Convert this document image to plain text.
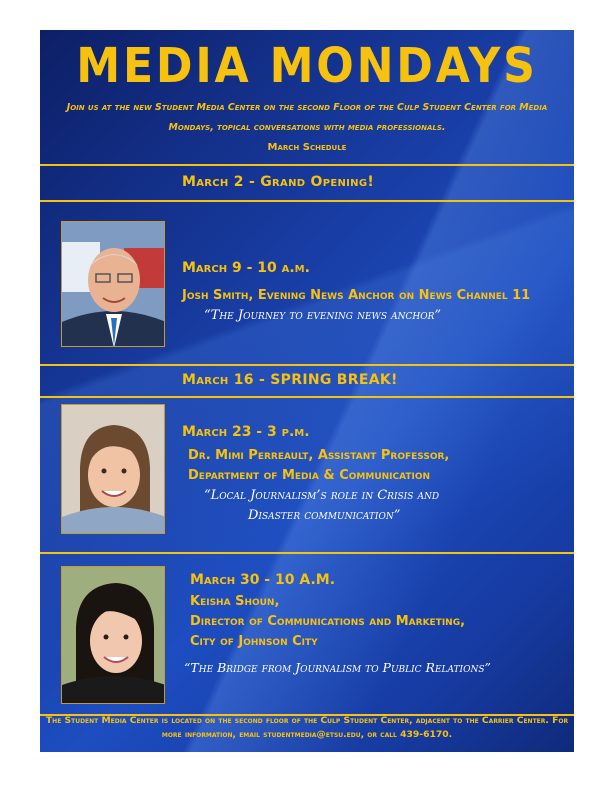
MEDIA MONDAYS
Join us at the new Student Media Center on the second Floor of the Culp Student Center for Media Mondays, topical conversations with media professionals.
March Schedule
March 2 - Grand Opening!
March 9 - 10 a.m.
Josh Smith, Evening News Anchor on News Channel 11
“The Journey to evening news anchor”
March 16 - SPRING BREAK!
March 23 - 3 p.m.
Dr. Mimi Perreault, Assistant Professor,
Department of Media & Communication
“Local Journalism’s role in Crisis and
Disaster communication”
March 30 - 10 A.M.
Keisha Shoun,
Director of Communications and Marketing,
City of Johnson City
“The Bridge from Journalism to Public Relations”
The Student Media Center is located on the second floor of the Culp Student Center, adjacent to the Carrier Center. For more information, email studentmedia@etsu.edu, or call 439-6170.
